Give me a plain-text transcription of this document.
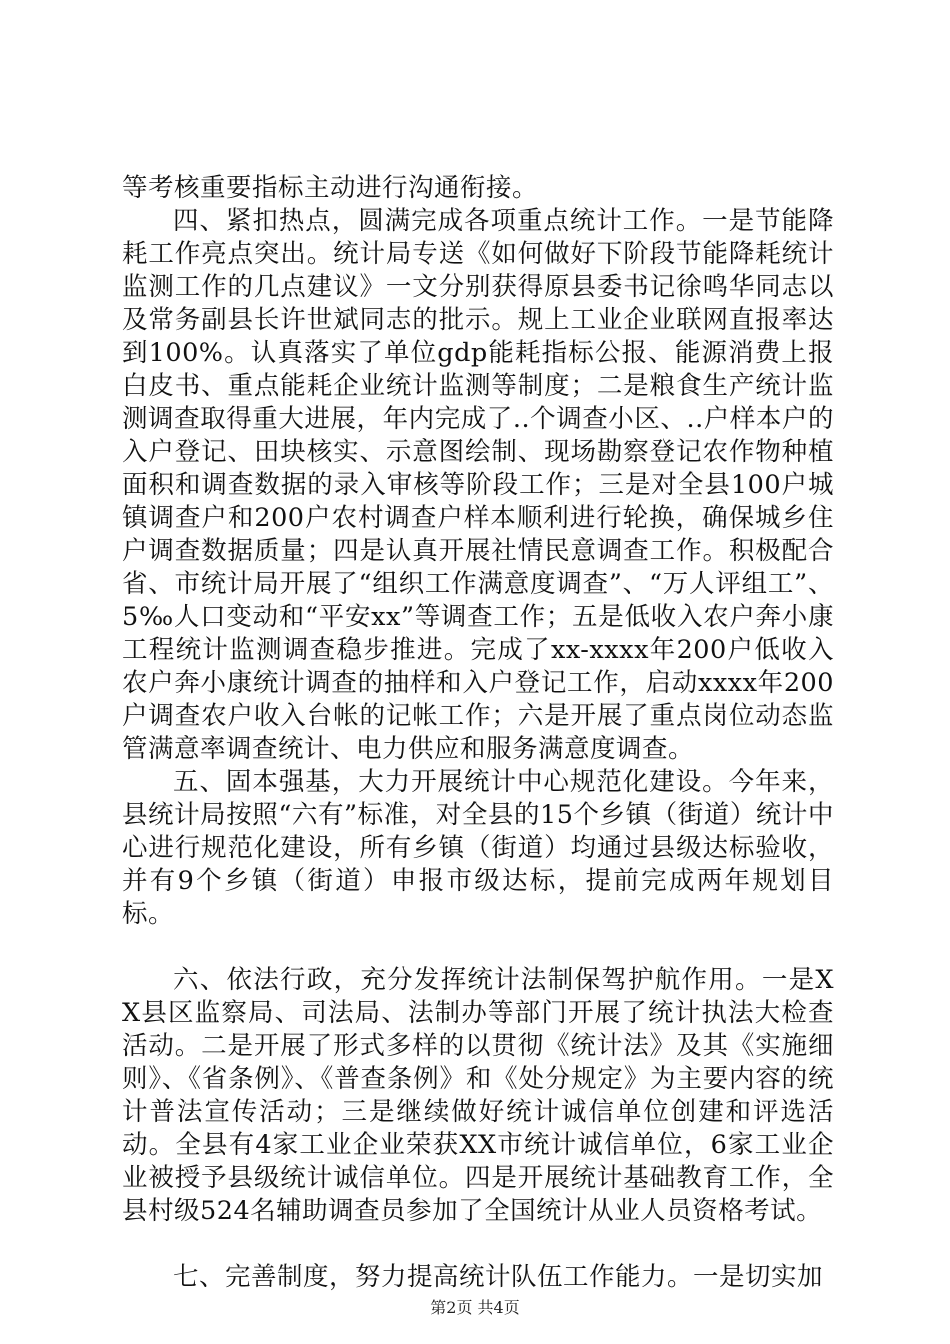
等考核重要指标主动进行沟通衔接。

四、紧扣热点，圆满完成各项重点统计工作。一是节能降耗工作亮点突出。统计局专送《如何做好下阶段节能降耗统计监测工作的几点建议》一文分别获得原县委书记徐鸣华同志以及常务副县长许世斌同志的批示。规上工业企业联网直报率达到100%。认真落实了单位gdp能耗指标公报、能源消费上报白皮书、重点能耗企业统计监测等制度；二是粮食生产统计监测调查取得重大进展，年内完成了..个调查小区、..户样本户的入户登记、田块核实、示意图绘制、现场勘察登记农作物种植面积和调查数据的录入审核等阶段工作；三是对全县100户城镇调查户和200户农村调查户样本顺利进行轮换，确保城乡住户调查数据质量；四是认真开展社情民意调查工作。积极配合省、市统计局开展了“组织工作满意度调查”、“万人评组工”、5‰人口变动和“平安xx”等调查工作；五是低收入农户奔小康工程统计监测调查稳步推进。完成了xx-xxxx年200户低收入农户奔小康统计调查的抽样和入户登记工作，启动xxxx年200户调查农户收入台帐的记帐工作；六是开展了重点岗位动态监管满意率调查统计、电力供应和服务满意度调查。

五、固本强基，大力开展统计中心规范化建设。今年来，县统计局按照“六有”标准，对全县的15个乡镇（街道）统计中心进行规范化建设，所有乡镇（街道）均通过县级达标验收，并有9个乡镇（街道）申报市级达标，提前完成两年规划目标。

六、依法行政，充分发挥统计法制保驾护航作用。一是XX县区监察局、司法局、法制办等部门开展了统计执法大检查活动。二是开展了形式多样的以贯彻《统计法》及其《实施细则》、《省条例》、《普查条例》和《处分规定》为主要内容的统计普法宣传活动；三是继续做好统计诚信单位创建和评选活动。全县有4家工业企业荣获XX市统计诚信单位，6家工业企业被授予县级统计诚信单位。四是开展统计基础教育工作，全县村级524名辅助调查员参加了全国统计从业人员资格考试。

七、完善制度，努力提高统计队伍工作能力。一是切实加

第2页 共4页
